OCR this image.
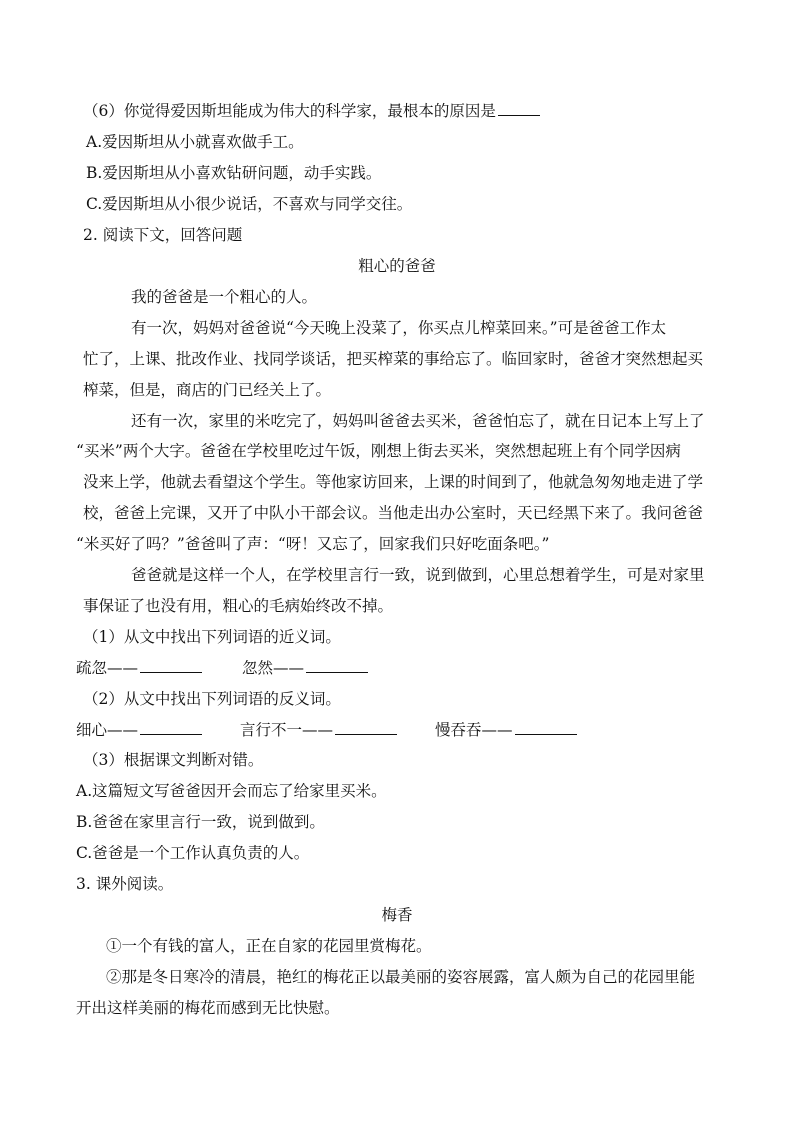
（6）你觉得爱因斯坦能成为伟大的科学家，最根本的原因是
A.爱因斯坦从小就喜欢做手工。
B.爱因斯坦从小喜欢钻研问题，动手实践。
C.爱因斯坦从小很少说话，不喜欢与同学交往。
2. 阅读下文，回答问题
粗心的爸爸
我的爸爸是一个粗心的人。
有一次，妈妈对爸爸说“今天晚上没菜了，你买点儿榨菜回来。”可是爸爸工作太
忙了，上课、批改作业、找同学谈话，把买榨菜的事给忘了。临回家时，爸爸才突然想起买
榨菜，但是，商店的门已经关上了。
还有一次，家里的米吃完了，妈妈叫爸爸去买米，爸爸怕忘了，就在日记本上写上了
“买米”两个大字。爸爸在学校里吃过午饭，刚想上街去买米，突然想起班上有个同学因病
没来上学，他就去看望这个学生。等他家访回来，上课的时间到了，他就急匆匆地走进了学
校，爸爸上完课，又开了中队小干部会议。当他走出办公室时，天已经黑下来了。我问爸爸
“米买好了吗？”爸爸叫了声：“呀！又忘了，回家我们只好吃面条吧。”
爸爸就是这样一个人，在学校里言行一致，说到做到，心里总想着学生，可是对家里
事保证了也没有用，粗心的毛病始终改不掉。
（1）从文中找出下列词语的近义词。
疏忽——	忽然——
（2）从文中找出下列词语的反义词。
细心——	言行不一——	慢吞吞——
（3）根据课文判断对错。
A.这篇短文写爸爸因开会而忘了给家里买米。
B.爸爸在家里言行一致，说到做到。
C.爸爸是一个工作认真负责的人。
3. 课外阅读。
梅香
①一个有钱的富人，正在自家的花园里赏梅花。
②那是冬日寒冷的清晨，艳红的梅花正以最美丽的姿容展露，富人颇为自己的花园里能
开出这样美丽的梅花而感到无比快慰。
